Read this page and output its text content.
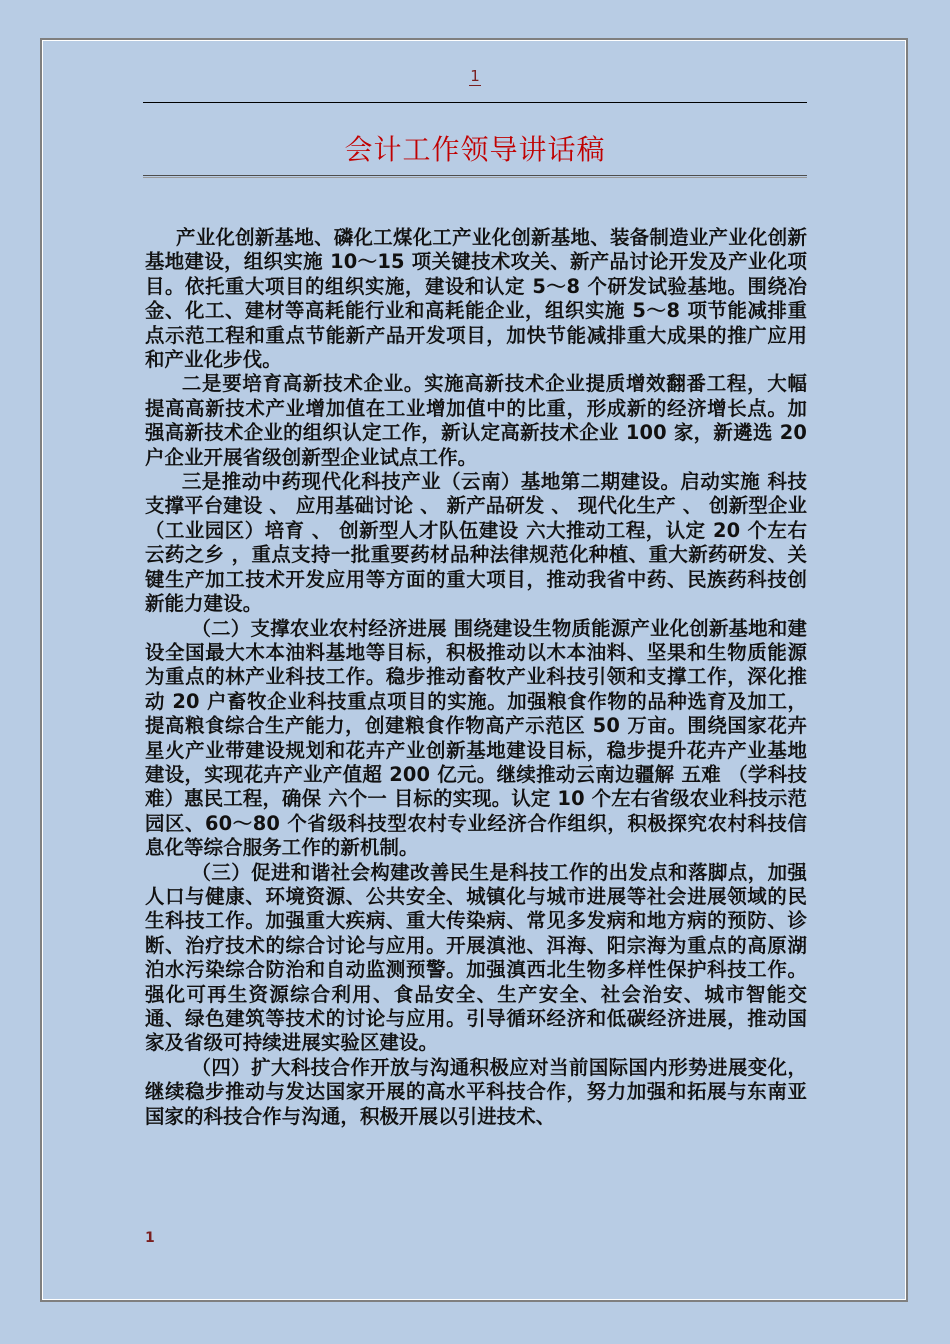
1
会计工作领导讲话稿

产业化创新基地、磷化工煤化工产业化创新基地、装备制造业产业化创新基地建设，组织实施 10～15 项关键技术攻关、新产品讨论开发及产业化项目。依托重大项目的组织实施，建设和认定 5～8 个研发试验基地。围绕冶金、化工、建材等高耗能行业和高耗能企业，组织实施 5～8 项节能减排重点示范工程和重点节能新产品开发项目，加快节能减排重大成果的推广应用和产业化步伐。

二是要培育高新技术企业。实施高新技术企业提质增效翻番工程，大幅提高高新技术产业增加值在工业增加值中的比重，形成新的经济增长点。加强高新技术企业的组织认定工作，新认定高新技术企业 100 家，新遴选 20 户企业开展省级创新型企业试点工作。

三是推动中药现代化科技产业（云南）基地第二期建设。启动实施 科技支撑平台建设 、 应用基础讨论 、 新产品研发 、 现代化生产 、 创新型企业（工业园区）培育 、 创新型人才队伍建设 六大推动工程，认定 20 个左右 云药之乡 ，重点支持一批重要药材品种法律规范化种植、重大新药研发、关键生产加工技术开发应用等方面的重大项目，推动我省中药、民族药科技创新能力建设。

（二）支撑农业农村经济进展 围绕建设生物质能源产业化创新基地和建设全国最大木本油料基地等目标，积极推动以木本油料、坚果和生物质能源为重点的林产业科技工作。稳步推动畜牧产业科技引领和支撑工作，深化推动 20 户畜牧企业科技重点项目的实施。加强粮食作物的品种选育及加工，提高粮食综合生产能力，创建粮食作物高产示范区 50 万亩。围绕国家花卉星火产业带建设规划和花卉产业创新基地建设目标，稳步提升花卉产业基地建设，实现花卉产业产值超 200 亿元。继续推动云南边疆解 五难 （学科技难）惠民工程，确保 六个一 目标的实现。认定 10 个左右省级农业科技示范园区、60～80 个省级科技型农村专业经济合作组织，积极探究农村科技信息化等综合服务工作的新机制。

（三）促进和谐社会构建改善民生是科技工作的出发点和落脚点，加强人口与健康、环境资源、公共安全、城镇化与城市进展等社会进展领域的民生科技工作。加强重大疾病、重大传染病、常见多发病和地方病的预防、诊断、治疗技术的综合讨论与应用。开展滇池、洱海、阳宗海为重点的高原湖泊水污染综合防治和自动监测预警。加强滇西北生物多样性保护科技工作。强化可再生资源综合利用、食品安全、生产安全、社会治安、城市智能交通、绿色建筑等技术的讨论与应用。引导循环经济和低碳经济进展，推动国家及省级可持续进展实验区建设。

（四）扩大科技合作开放与沟通积极应对当前国际国内形势进展变化，继续稳步推动与发达国家开展的高水平科技合作，努力加强和拓展与东南亚国家的科技合作与沟通，积极开展以引进技术、

1
